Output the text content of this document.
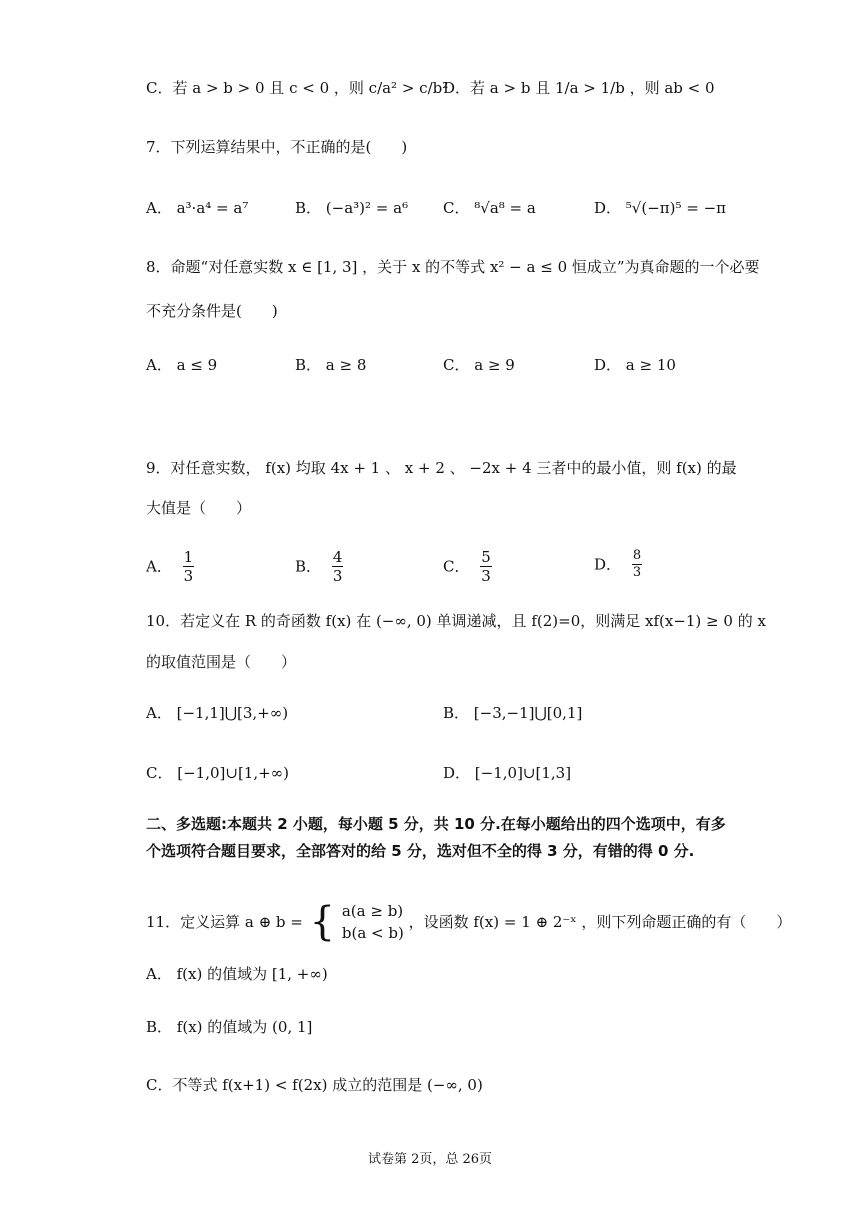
C．若 a > b > 0 且 c < 0 ，则 c/a² > c/b²
D．若 a > b 且 1/a > 1/b ，则 ab < 0
7．下列运算结果中，不正确的是(　　)
A． a³·a⁴ = a⁷	B． (−a³)² = a⁶ C． ⁸√a⁸ = a	D． ⁵√(−π)⁵ = −π
8．命题“对任意实数 x ∈ [1, 3] ，关于 x 的不等式 x² − a ≤ 0 恒成立”为真命题的一个必要
不充分条件是(　　)
A． a ≤ 9	B． a ≥ 8	C． a ≥ 9	D． a ≥ 10
9．对任意实数， f(x) 均取 4x + 1 、 x + 2 、 −2x + 4 三者中的最小值，则 f(x) 的最
大值是（　　）
A． $\frac{1}{3}$	B． $\frac{4}{3}$	C． $\frac{5}{3}$	D． $\frac{8}{3}$
10．若定义在 R 的奇函数 f(x) 在 (−∞, 0) 单调递减，且 f(2)=0，则满足 xf(x−1) ≥ 0 的 x
的取值范围是（　　）
A． [−1,1]⋃[3,+∞)	B． [−3,−1]⋃[0,1]
C． [−1,0]∪[1,+∞)	D． [−1,0]∪[1,3]
二、多选题:本题共 2 小题，每小题 5 分，共 10 分.在每小题给出的四个选项中，有多
个选项符合题目要求，全部答对的给 5 分，选对但不全的得 3 分，有错的得 0 分.
11．定义运算 a ⊕ b = { a(a ≥ b)
b(a < b)
，设函数 f(x) = 1 ⊕ 2⁻ˣ ，则下列命题正确的有（　　）
A． f(x) 的值域为 [1, +∞)
B． f(x) 的值域为 (0, 1]
C．不等式 f(x+1) < f(2x) 成立的范围是 (−∞, 0)
试卷第 2页，总 26页
